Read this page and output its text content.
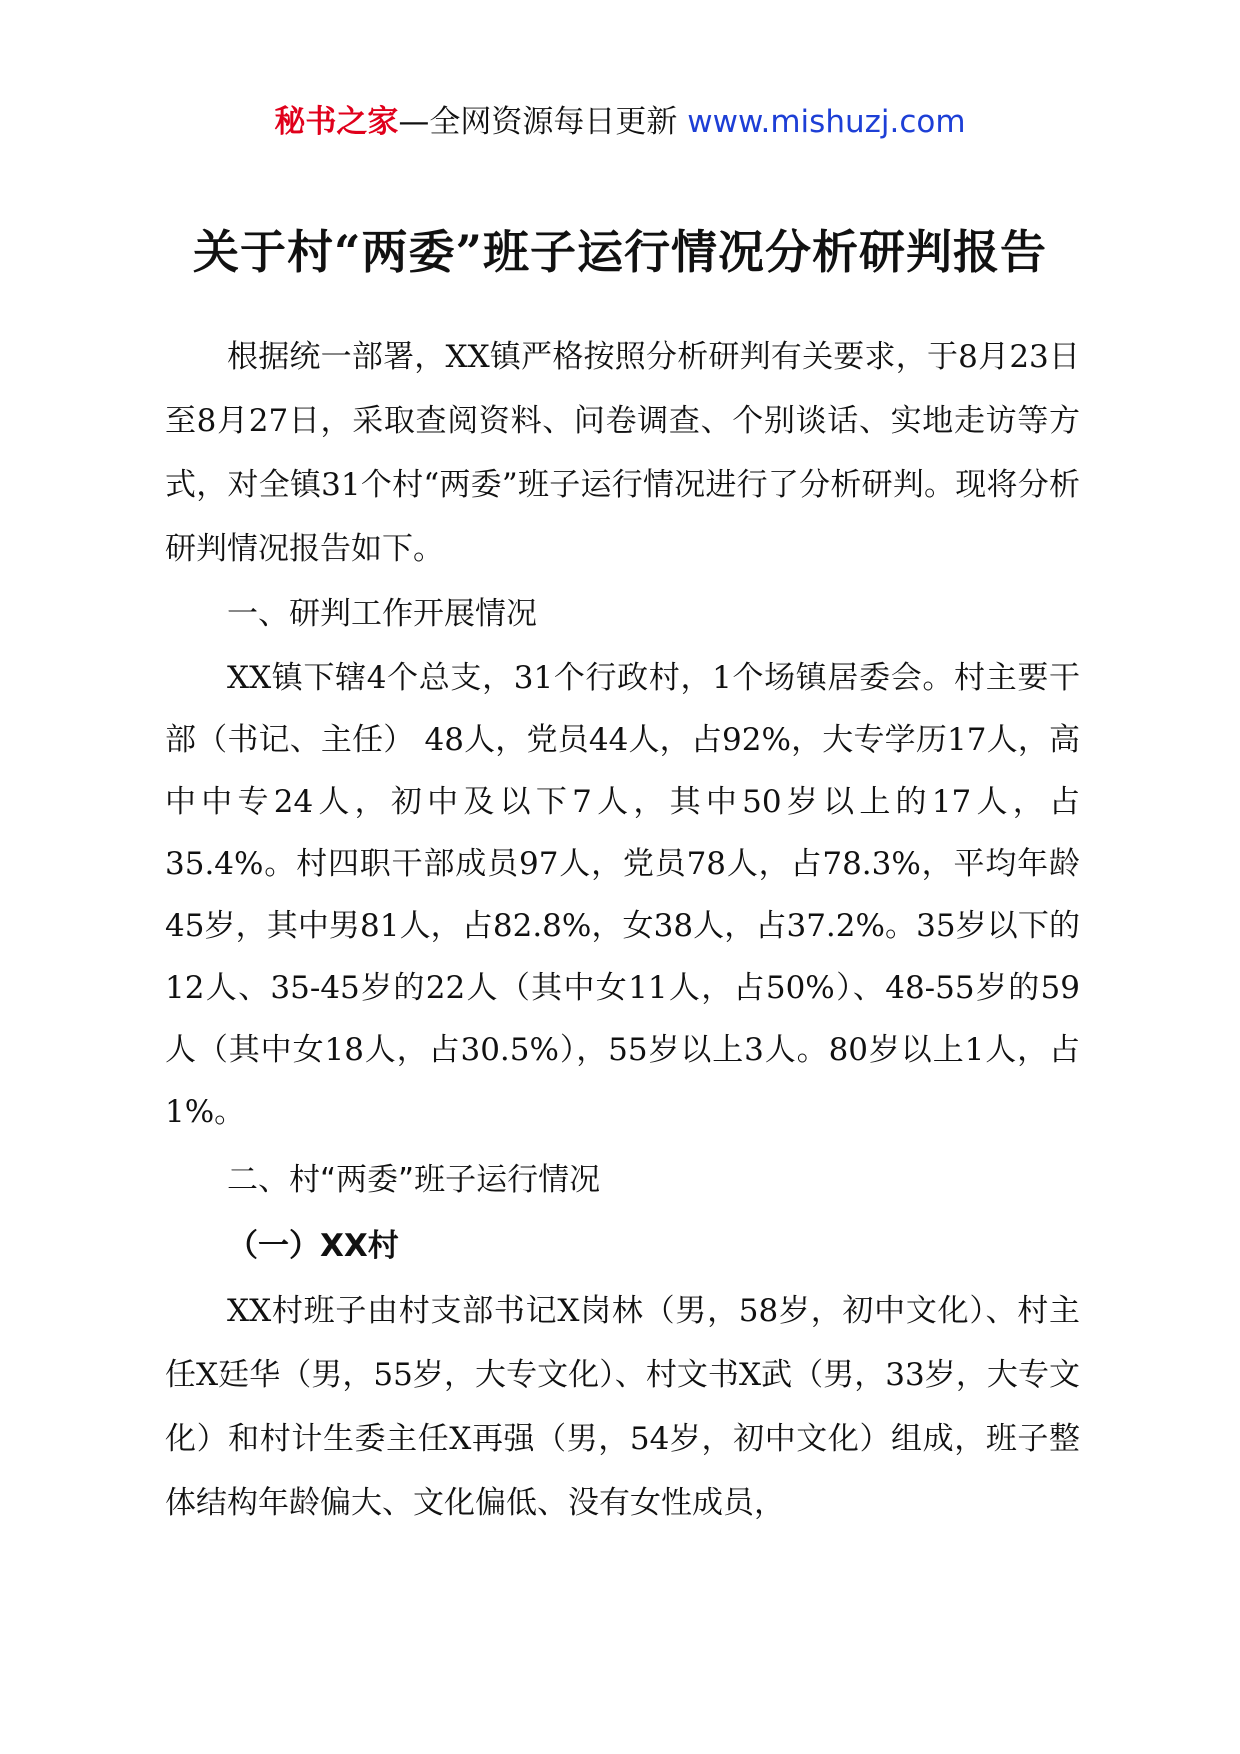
秘书之家—全网资源每日更新 www.mishuzj.com
关于村“两委”班子运行情况分析研判报告

根据统一部署，XX镇严格按照分析研判有关要求，于8月23日至8月27日，采取查阅资料、问卷调查、个别谈话、实地走访等方式，对全镇31个村“两委”班子运行情况进行了分析研判。现将分析研判情况报告如下。

一、研判工作开展情况

XX镇下辖4个总支，31个行政村，1个场镇居委会。村主要干部（书记、主任） 48人，党员44人，占92%，大专学历17人，高中中专24人，初中及以下7人，其中50岁以上的17人，占35.4%。村四职干部成员97人，党员78人，占78.3%，平均年龄45岁，其中男81人，占82.8%，女38人，占37.2%。35岁以下的12人、35-45岁的22人（其中女11人，占50%）、48-55岁的59人（其中女18人，占30.5%），55岁以上3人。80岁以上1人，占1%。

二、村“两委”班子运行情况

（一）XX村

XX村班子由村支部书记X岗林（男，58岁，初中文化）、村主任X廷华（男，55岁，大专文化）、村文书X武（男，33岁，大专文化）和村计生委主任X再强（男，54岁，初中文化）组成，班子整体结构年龄偏大、文化偏低、没有女性成员，
